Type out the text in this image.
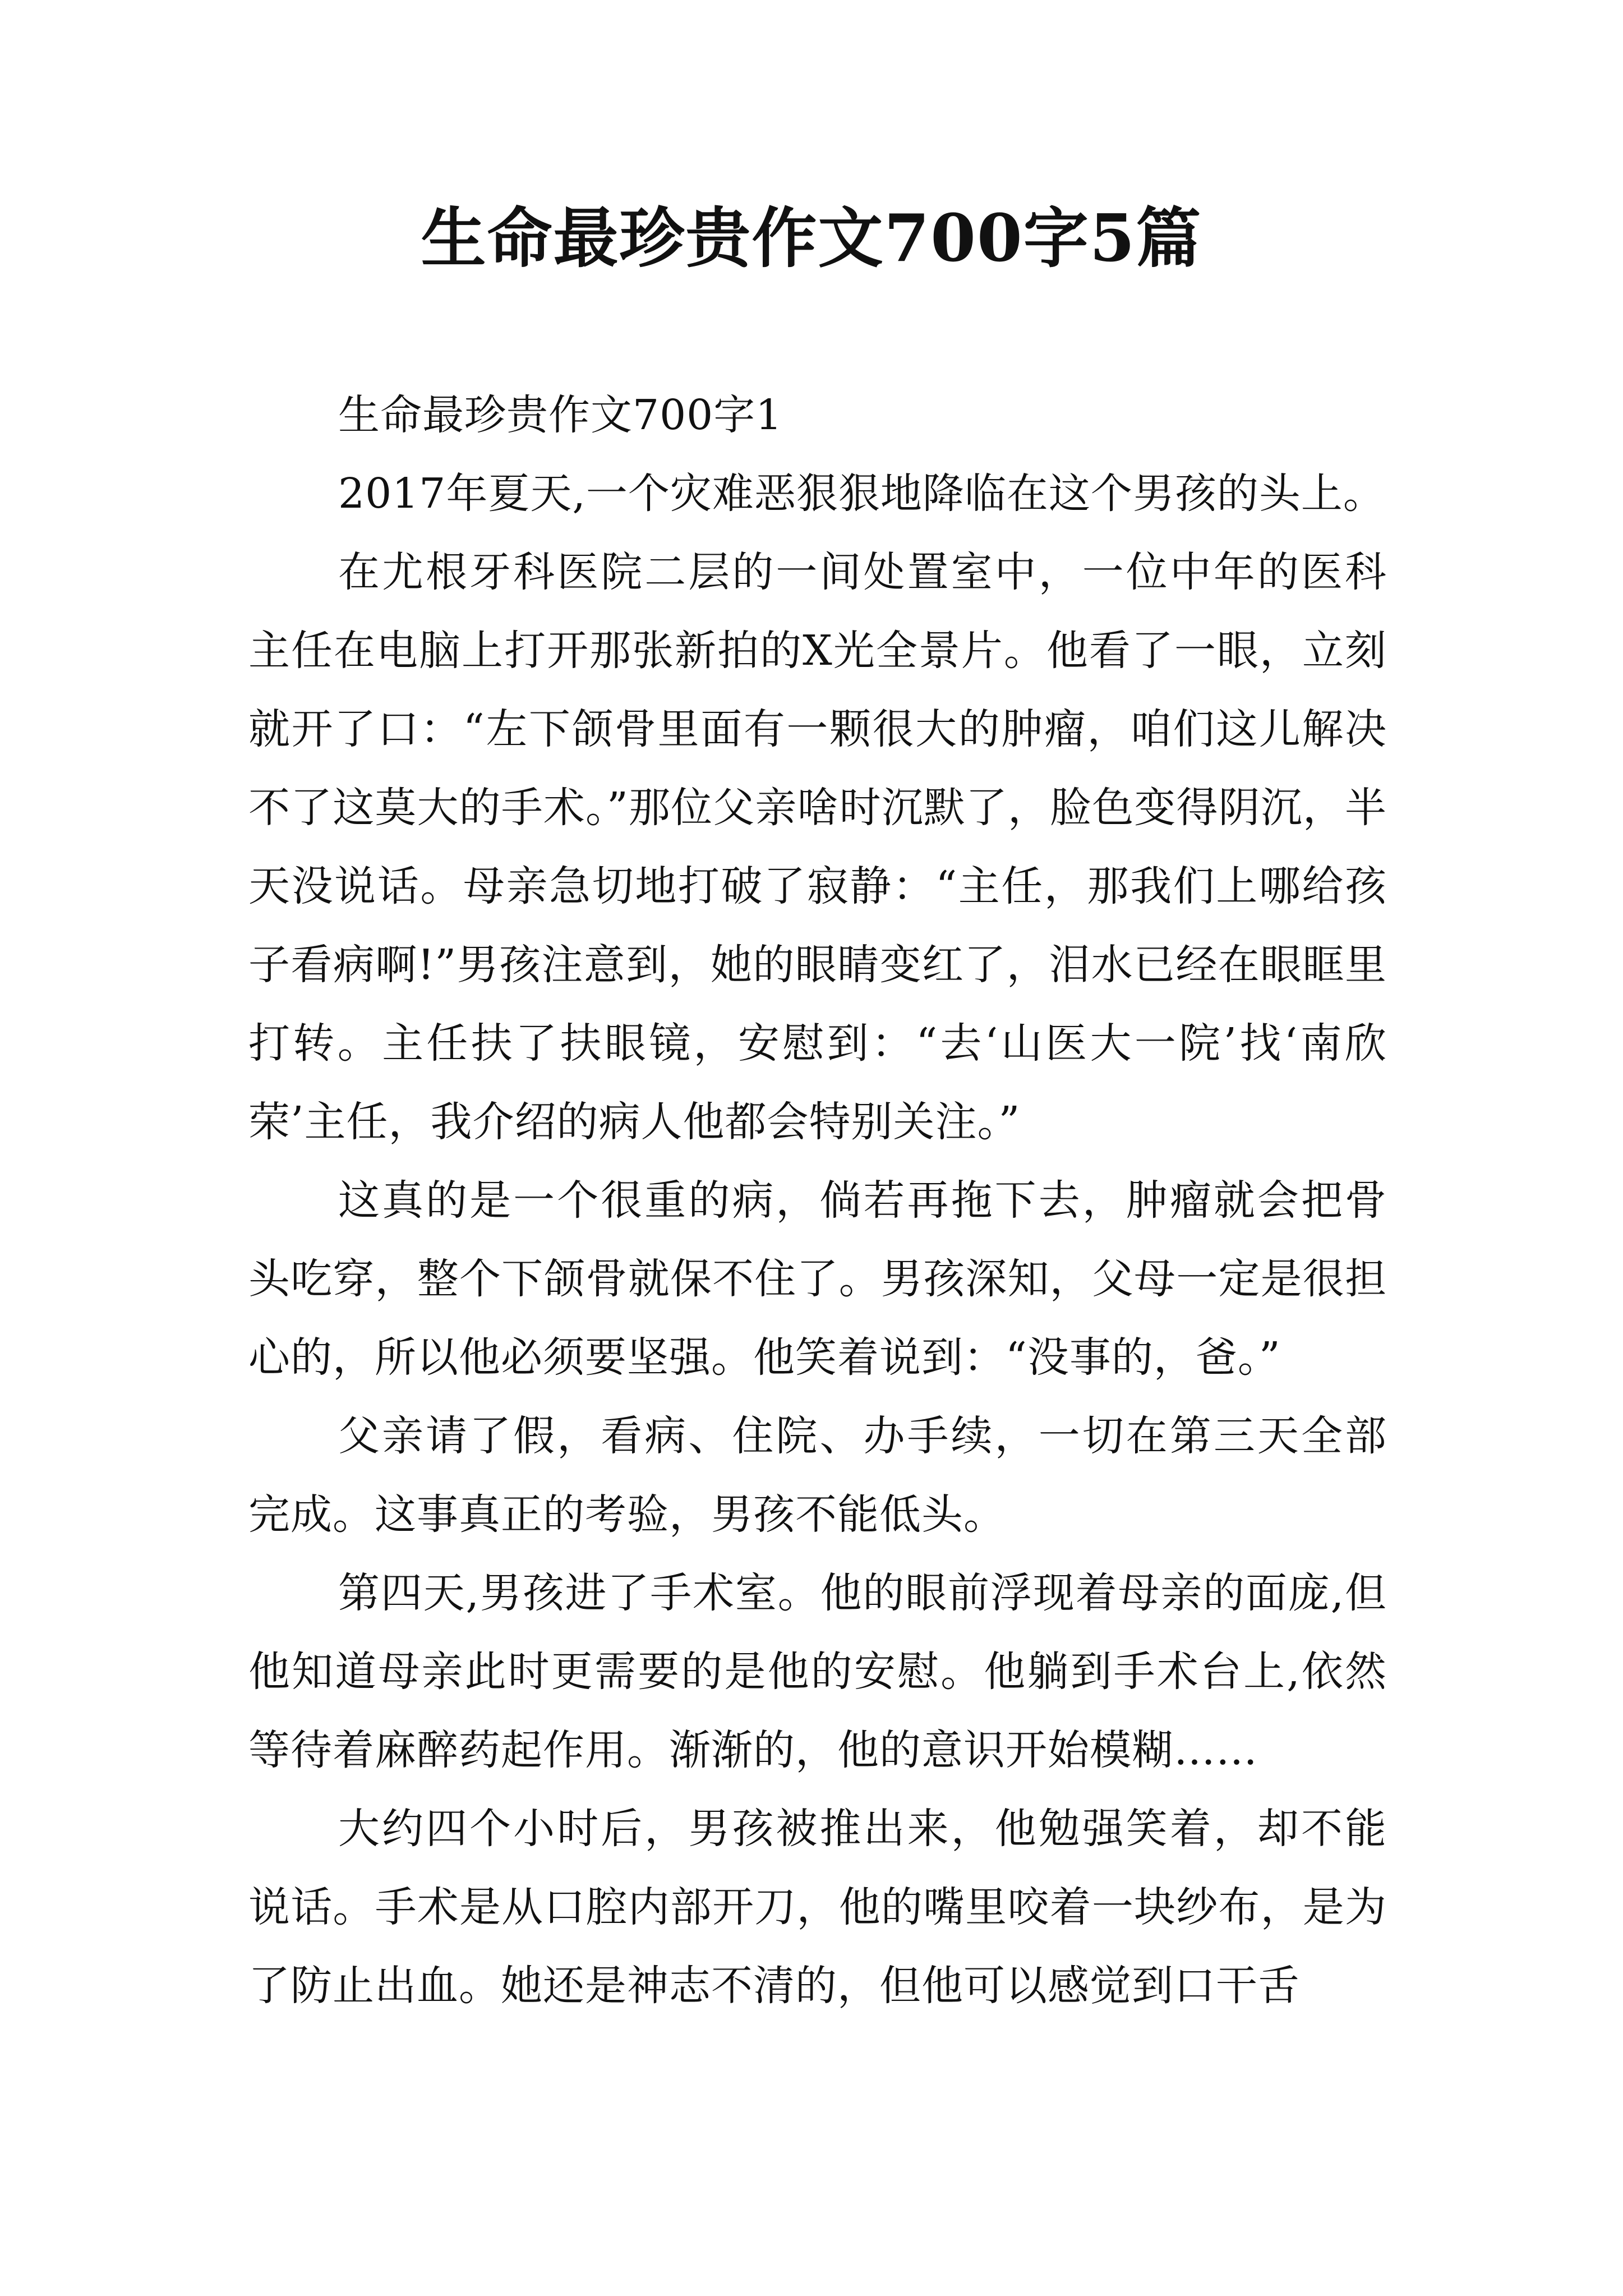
生命最珍贵作文700字5篇

生命最珍贵作文700字1

2017年夏天,一个灾难恶狠狠地降临在这个男孩的头上。

在尤根牙科医院二层的一间处置室中，一位中年的医科主任在电脑上打开那张新拍的X光全景片。他看了一眼，立刻就开了口：“左下颌骨里面有一颗很大的肿瘤，咱们这儿解决不了这莫大的手术。”那位父亲啥时沉默了，脸色变得阴沉，半天没说话。母亲急切地打破了寂静：“主任，那我们上哪给孩子看病啊!”男孩注意到，她的眼睛变红了，泪水已经在眼眶里打转。主任扶了扶眼镜，安慰到：“去‘山医大一院’找‘南欣荣’主任，我介绍的病人他都会特别关注。”

这真的是一个很重的病，倘若再拖下去，肿瘤就会把骨头吃穿，整个下颌骨就保不住了。男孩深知，父母一定是很担心的，所以他必须要坚强。他笑着说到：“没事的，爸。”

父亲请了假，看病、住院、办手续，一切在第三天全部完成。这事真正的考验，男孩不能低头。

第四天,男孩进了手术室。他的眼前浮现着母亲的面庞,但他知道母亲此时更需要的是他的安慰。他躺到手术台上,依然等待着麻醉药起作用。渐渐的，他的意识开始模糊……

大约四个小时后，男孩被推出来，他勉强笑着，却不能说话。手术是从口腔内部开刀，他的嘴里咬着一块纱布，是为了防止出血。她还是神志不清的，但他可以感觉到口干舌
